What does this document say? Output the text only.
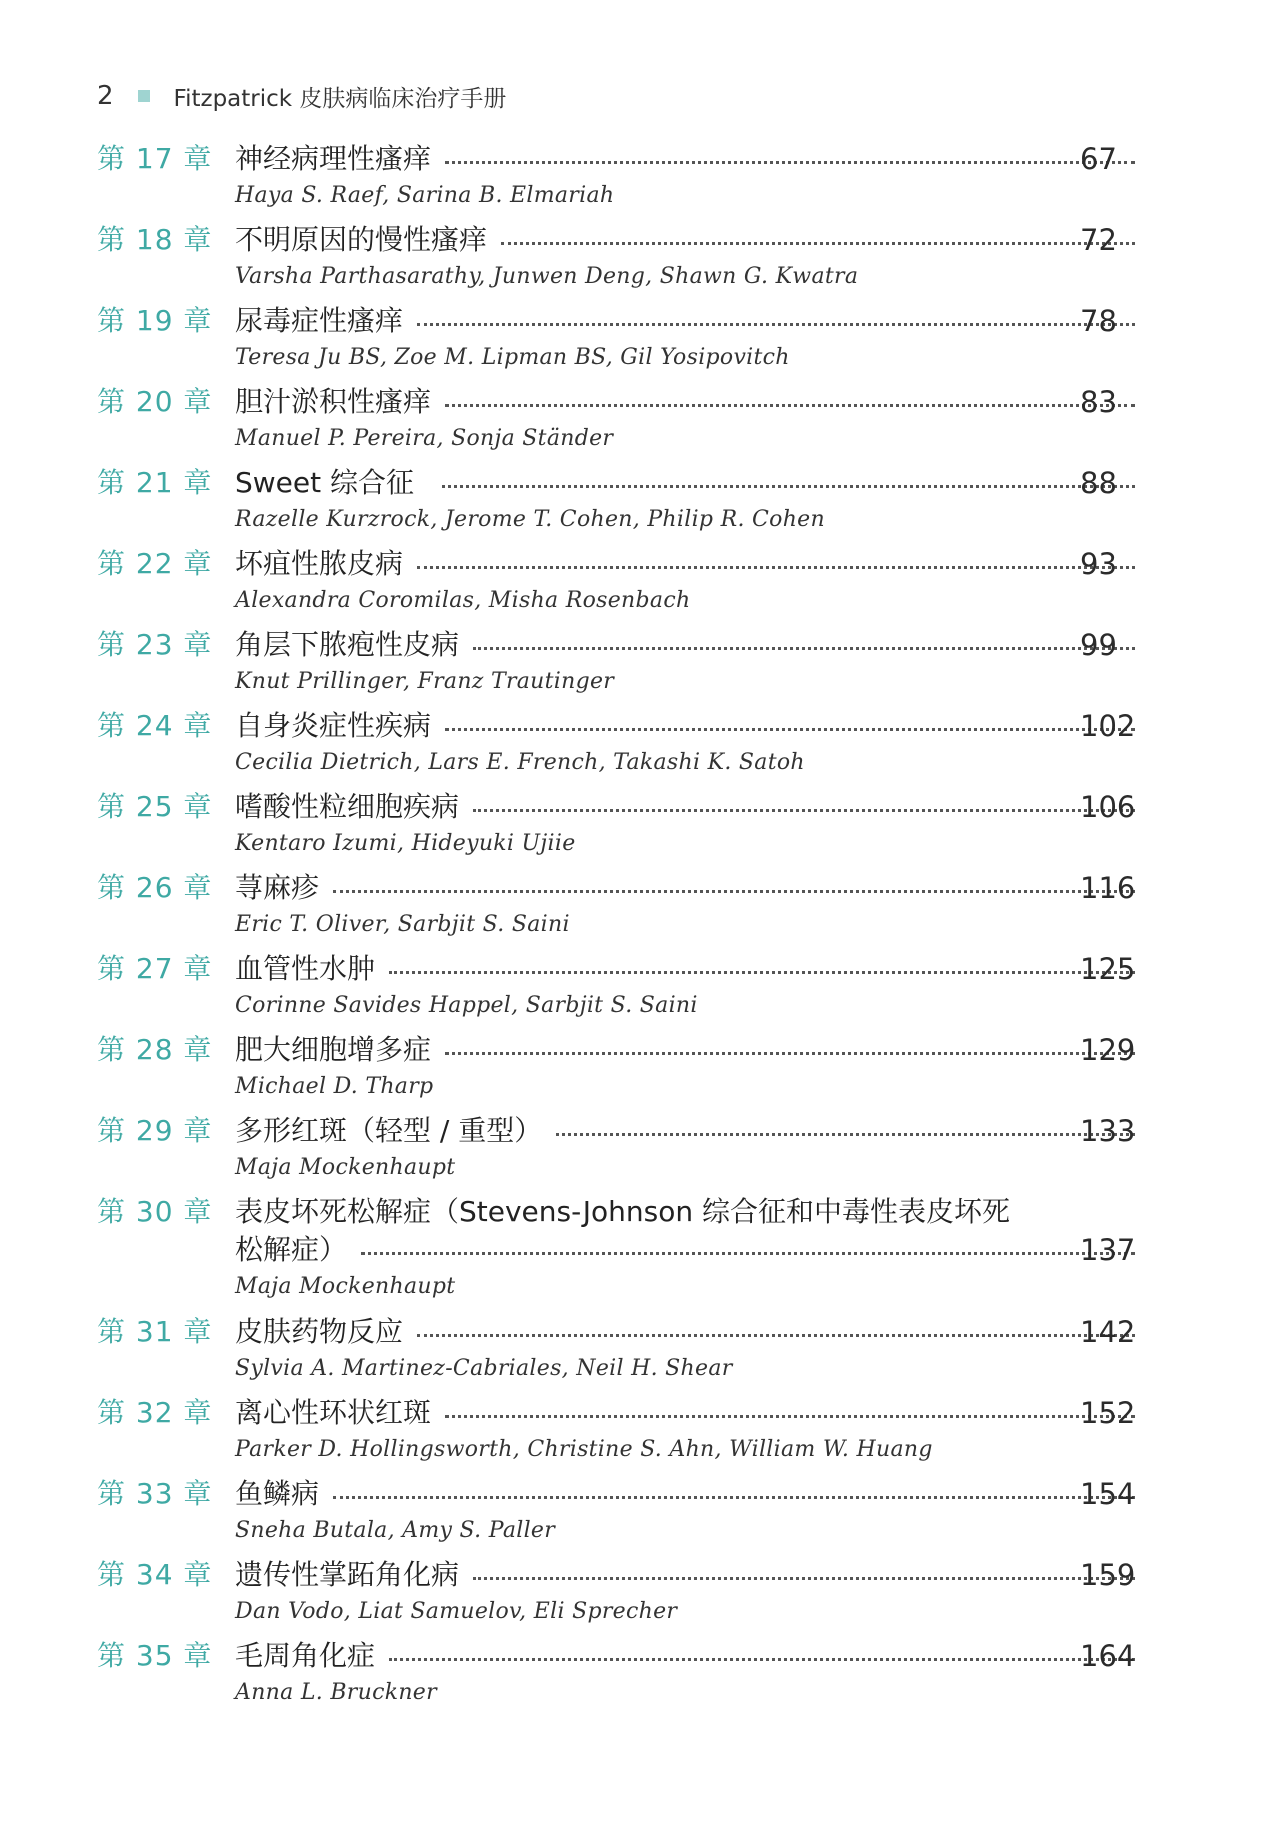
2	Fitzpatrick 皮肤病临床治疗手册
第 17 章 神经病理性瘙痒	67
Haya S. Raef, Sarina B. Elmariah
第 18 章 不明原因的慢性瘙痒	72
Varsha Parthasarathy, Junwen Deng, Shawn G. Kwatra
第 19 章 尿毒症性瘙痒	78
Teresa Ju BS, Zoe M. Lipman BS, Gil Yosipovitch
第 20 章 胆汁淤积性瘙痒	83
Manuel P. Pereira, Sonja Ständer
第 21 章 Sweet 综合征	88
Razelle Kurzrock, Jerome T. Cohen, Philip R. Cohen
第 22 章 坏疽性脓皮病	93
Alexandra Coromilas, Misha Rosenbach
第 23 章 角层下脓疱性皮病	99
Knut Prillinger, Franz Trautinger
第 24 章 自身炎症性疾病	102
Cecilia Dietrich, Lars E. French, Takashi K. Satoh
第 25 章 嗜酸性粒细胞疾病	106
Kentaro Izumi, Hideyuki Ujiie
第 26 章 荨麻疹	116
Eric T. Oliver, Sarbjit S. Saini
第 27 章 血管性水肿	125
Corinne Savides Happel, Sarbjit S. Saini
第 28 章 肥大细胞增多症	129
Michael D. Tharp
第 29 章 多形红斑（轻型 / 重型）	133
Maja Mockenhaupt
第 30 章 表皮坏死松解症（Stevens-Johnson 综合征和中毒性表皮坏死
松解症）	137
Maja Mockenhaupt
第 31 章 皮肤药物反应	142
Sylvia A. Martinez-Cabriales, Neil H. Shear
第 32 章 离心性环状红斑	152
Parker D. Hollingsworth, Christine S. Ahn, William W. Huang
第 33 章 鱼鳞病	154
Sneha Butala, Amy S. Paller
第 34 章 遗传性掌跖角化病	159
Dan Vodo, Liat Samuelov, Eli Sprecher
第 35 章 毛周角化症	164
Anna L. Bruckner
